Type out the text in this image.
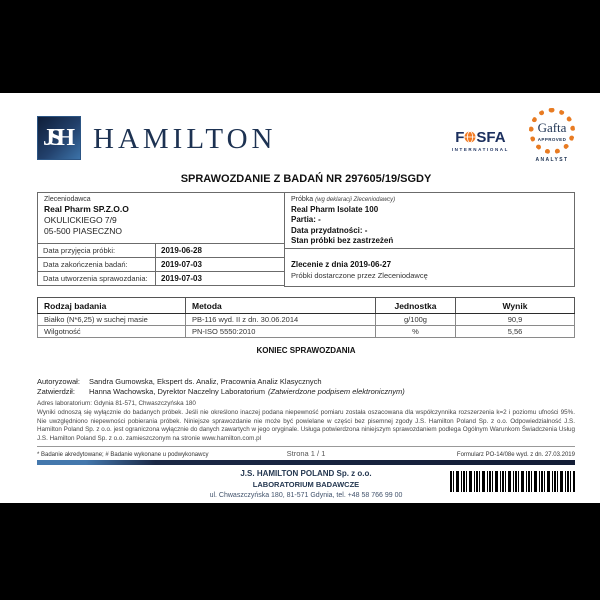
JSH HAMILTON	F SFA
INTERNATIONAL
Gafta
APPROVED
ANALYST
SPRAWOZDANIE Z BADAŃ NR 297605/19/SGDY
Zleceniodawca
Real Pharm SP.Z.O.O
OKULICKIEGO 7/9
05-500 PIASECZNO
Data przyjęcia próbki:	2019-06-28
Data zakończenia badań:	2019-07-03
Data utworzenia sprawozdania:	2019-07-03
Próbka (wg deklaracji Zleceniodawcy)
Real Pharm Isolate 100
Partia: -
Data przydatności: -
Stan próbki bez zastrzeżeń
Zlecenie z dnia 2019-06-27
Próbki dostarczone przez Zleceniodawcę
Rodzaj badania	Metoda	Jednostka	Wynik
Białko (N*6,25) w suchej masie	PB-116 wyd. II z dn. 30.06.2014	g/100g	90,9
Wilgotność	PN-ISO 5550:2010	%	5,56
KONIEC SPRAWOZDANIA
Autoryzował:	Sandra Gumowska, Ekspert ds. Analiz, Pracownia Analiz Klasycznych
Zatwierdził:	Hanna Wachowska, Dyrektor Naczelny Laboratorium (Zatwierdzone podpisem elektronicznym)
Adres laboratorium: Gdynia 81-571, Chwaszczyńska 180
Wyniki odnoszą się wyłącznie do badanych próbek. Jeśli nie określono inaczej podana niepewność pomiaru została oszacowana dla współczynnika rozszerzenia k=2 i poziomu ufności 95%. Nie uwzględniono niepewności pobierania próbek. Niniejsze sprawozdanie nie może być powielane w części bez pisemnej zgody J.S. Hamilton Poland Sp. z o.o. Odpowiedzialność J.S. Hamilton Poland Sp. z o.o. jest ograniczona wyłącznie do danych zawartych w jego oryginale. Usługa potwierdzona niniejszym sprawozdaniem podlega Ogólnym Warunkom Świadczenia Usług J.S. Hamilton Poland Sp. z o.o. zamieszczonym na stronie www.hamilton.com.pl
* Badanie akredytowane; # Badanie wykonane u podwykonawcy	Strona 1 / 1	Formularz PO-14/08e wyd. z dn. 27.03.2019
J.S. HAMILTON POLAND Sp. z o.o.
LABORATORIUM BADAWCZE
ul. Chwaszczyńska 180, 81-571 Gdynia, tel. +48 58 766 99 00
